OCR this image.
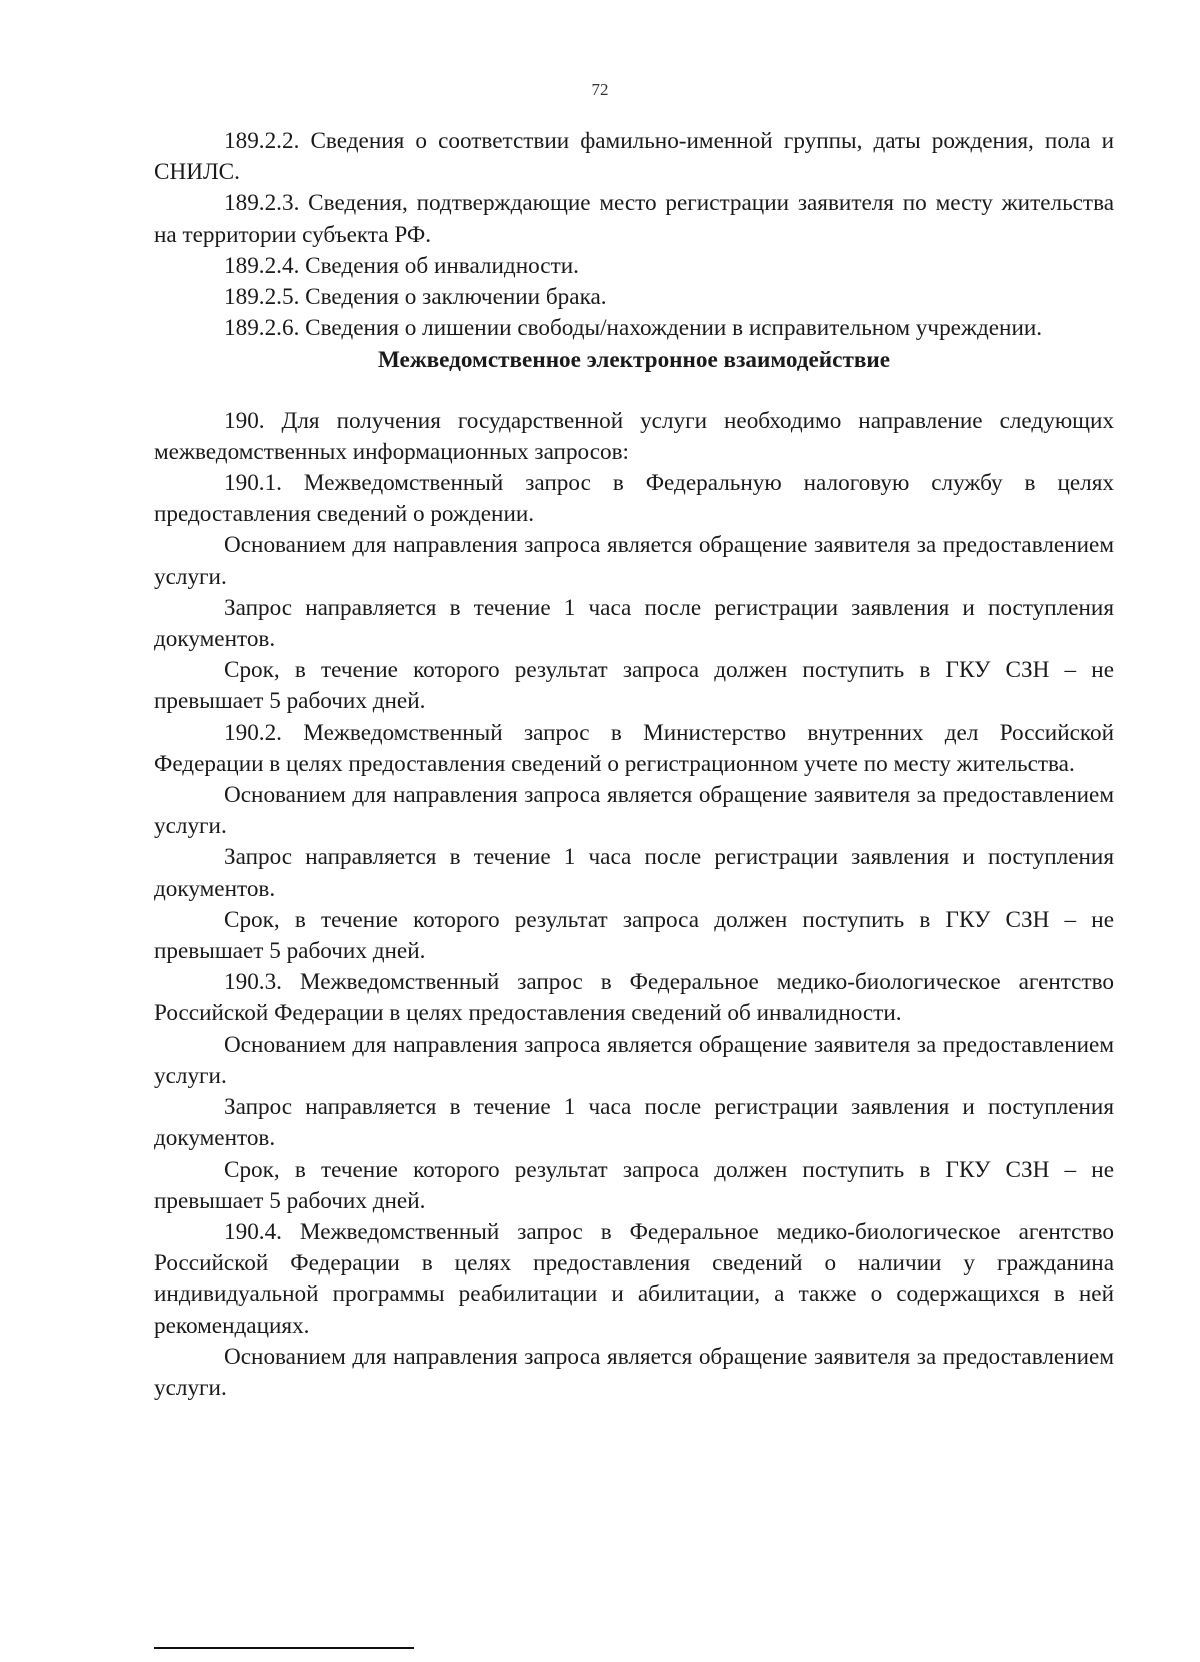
72

189.2.2. Сведения о соответствии фамильно-именной группы, даты рождения, пола и СНИЛС.

189.2.3. Сведения, подтверждающие место регистрации заявителя по месту жительства на территории субъекта РФ.

189.2.4. Сведения об инвалидности.

189.2.5. Сведения о заключении брака.

189.2.6. Сведения о лишении свободы/нахождении в исправительном учреждении.

Межведомственное электронное взаимодействие

190. Для получения государственной услуги необходимо направление следующих межведомственных информационных запросов:

190.1. Межведомственный запрос в Федеральную налоговую службу в целях предоставления сведений о рождении.

Основанием для направления запроса является обращение заявителя за предоставлением услуги.

Запрос направляется в течение 1 часа после регистрации заявления и поступления документов.

Срок, в течение которого результат запроса должен поступить в ГКУ СЗН – не превышает 5 рабочих дней.

190.2. Межведомственный запрос в Министерство внутренних дел Российской Федерации в целях предоставления сведений о регистрационном учете по месту жительства.

Основанием для направления запроса является обращение заявителя за предоставлением услуги.

Запрос направляется в течение 1 часа после регистрации заявления и поступления документов.

Срок, в течение которого результат запроса должен поступить в ГКУ СЗН – не превышает 5 рабочих дней.

190.3. Межведомственный запрос в Федеральное медико-биологическое агентство Российской Федерации в целях предоставления сведений об инвалидности.

Основанием для направления запроса является обращение заявителя за предоставлением услуги.

Запрос направляется в течение 1 часа после регистрации заявления и поступления документов.

Срок, в течение которого результат запроса должен поступить в ГКУ СЗН – не превышает 5 рабочих дней.

190.4. Межведомственный запрос в Федеральное медико-биологическое агентство Российской Федерации в целях предоставления сведений о наличии у гражданина индивидуальной программы реабилитации и абилитации, а также о содержащихся в ней рекомендациях.

Основанием для направления запроса является обращение заявителя за предоставлением услуги.
